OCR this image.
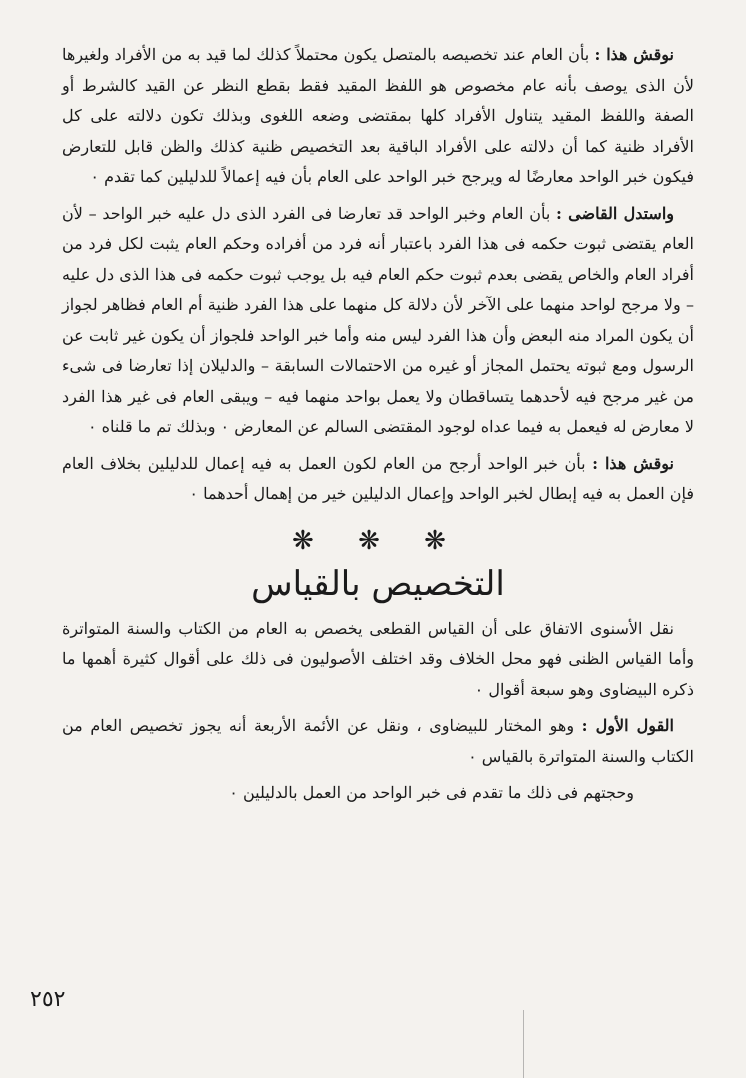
نوقش هذا : بأن العام عند تخصيصه بالمتصل يكون محتملاً كذلك لما قيد به من الأفراد ولغيرها لأن الذى يوصف بأنه عام مخصوص هو اللفظ المقيد فقط بقطع النظر عن القيد كالشرط أو الصفة واللفظ المقيد يتناول الأفراد كلها بمقتضى وضعه اللغوى وبذلك تكون دلالته على كل الأفراد ظنية كما أن دلالته على الأفراد الباقية بعد التخصيص ظنية كذلك والظن قابل للتعارض فيكون خبر الواحد معارضًا له ويرجح خبر الواحد على العام بأن فيه إعمالاً للدليلين كما تقدم ٠

واستدل القاضى : بأن العام وخبر الواحد قد تعارضا فى الفرد الذى دل عليه خبر الواحد – لأن العام يقتضى ثبوت حكمه فى هذا الفرد باعتبار أنه فرد من أفراده وحكم العام يثبت لكل فرد من أفراد العام والخاص يقضى بعدم ثبوت حكم العام فيه بل يوجب ثبوت حكمه فى هذا الذى دل عليه – ولا مرجح لواحد منهما على الآخر لأن دلالة كل منهما على هذا الفرد ظنية أم العام فظاهر لجواز أن يكون المراد منه البعض وأن هذا الفرد ليس منه وأما خبر الواحد فلجواز أن يكون غير ثابت عن الرسول ومع ثبوته يحتمل المجاز أو غيره من الاحتمالات السابقة – والدليلان إذا تعارضا فى شىء من غير مرجح فيه لأحدهما يتساقطان ولا يعمل بواحد منهما فيه – ويبقى العام فى غير هذا الفرد لا معارض له فيعمل به فيما عداه لوجود المقتضى السالم عن المعارض ٠ وبذلك تم ما قلناه ٠

نوقش هذا : بأن خبر الواحد أرجح من العام لكون العمل به فيه إعمال للدليلين بخلاف العام فإن العمل به فيه إبطال لخبر الواحد وإعمال الدليلين خير من إهمال أحدهما ٠

❋ ❋ ❋
التخصيص بالقياس

نقل الأسنوى الاتفاق على أن القياس القطعى يخصص به العام من الكتاب والسنة المتواترة وأما القياس الظنى فهو محل الخلاف وقد اختلف الأصوليون فى ذلك على أقوال كثيرة أهمها ما ذكره البيضاوى وهو سبعة أقوال ٠

القول الأول : وهو المختار للبيضاوى ، ونقل عن الأئمة الأربعة أنه يجوز تخصيص العام من الكتاب والسنة المتواترة بالقياس ٠

وحجتهم فى ذلك ما تقدم فى خبر الواحد من العمل بالدليلين ٠

٢٥٢
